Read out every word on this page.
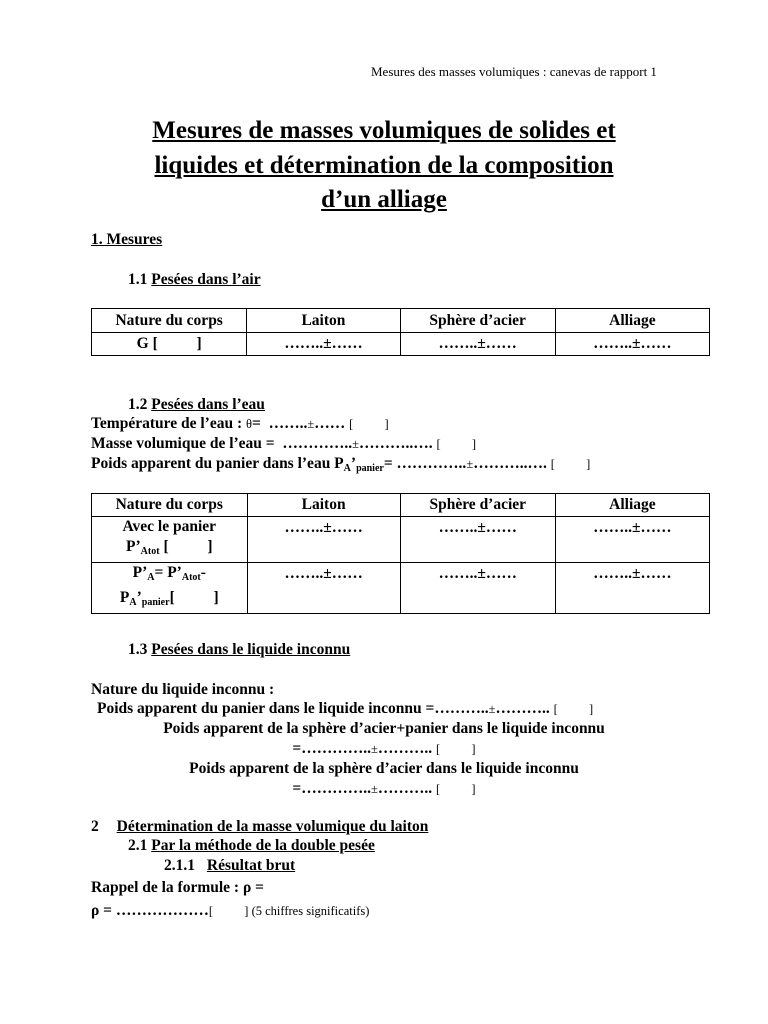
Mesures des masses volumiques : canevas de rapport 1
Mesures de masses volumiques de solides et
liquides et détermination de la composition
d’un alliage
1. Mesures
1.1 Pesées dans l’air
Nature du corps	Laiton	Sphère d’acier	Alliage
G [          ]	……..±……	……..±……	……..±……
1.2 Pesées dans l’eau
Température de l’eau : θ=  ……..±…… [          ]
Masse volumique de l’eau =  …………..±………..…. [          ]
Poids apparent du panier dans l’eau $P_A’_{panier}=$ …………..±………..…. [          ]
Nature du corps	Laiton	Sphère d’acier	Alliage
Avec le panier
$P’_{Atot}$ [          ]	……..±……	……..±……	……..±……
$P’_A=$ $P’_{Atot}-$
$P_A’_{panier}$[          ]	……..±……	……..±……	……..±……
1.3 Pesées dans le liquide inconnu
Nature du liquide inconnu :
Poids apparent du panier dans le liquide inconnu =………..±……….. [          ]
Poids apparent de la sphère d’acier+panier dans le liquide inconnu
=…………..±……….. [          ]
Poids apparent de la sphère d’acier dans le liquide inconnu
=…………..±……….. [          ]
2 Détermination de la masse volumique du laiton
2.1 Par la méthode de la double pesée
2.1.1 Résultat brut
Rappel de la formule : ρ =
ρ = ………………[          ] (5 chiffres significatifs)
